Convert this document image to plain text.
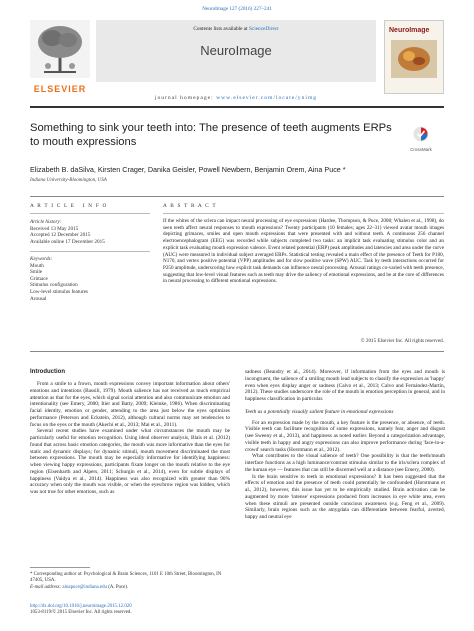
NeuroImage 127 (2016) 227–241
ELSEVIER
Contents lists available at ScienceDirect
NeuroImage
journal homepage: www.elsevier.com/locate/ynimg
NeuroImage
Something to sink your teeth into: The presence of teeth augments ERPs to mouth expressions
CrossMark
Elizabeth B. daSilva, Kirsten Crager, Danika Geisler, Powell Newbern, Benjamin Orem, Aina Puce *
Indiana University-Bloomington, USA
A R T I C L E   I N F O
Article history:
Received 13 May 2015
Accepted 12 December 2015
Available online 17 December 2015
Keywords:
Mouth
Smile
Grimace
Stimulus configuration
Low-level stimulus features
Arousal
A B S T R A C T
If the whites of the sclera can impact neural processing of eye expressions (Hardee, Thompson, & Puce, 2008; Whalen et al., 1998), do seen teeth affect neural responses to mouth expressions? Twenty participants (10 females; ages 22–31) viewed avatar mouth images depicting grimaces, smiles and open mouth expressions that were presented with and without teeth. A continuous 256 channel electroencephalogram (EEG) was recorded while subjects completed two tasks: an implicit task evaluating stimulus color and an explicit task evaluating mouth expression valence. Event related potential (ERP) peak amplitudes and latencies and area under the curve (AUC) were measured in individual subject averaged ERPs. Statistical testing revealed a main effect of the presence of Teeth for P100, N170, and vertex positive potential (VPP) amplitudes and for slow positive wave (SPW) AUC. Task by teeth interactions occurred for P250 amplitude, underscoring how explicit task demands can influence neural processing. Arousal ratings co-varied with teeth presence, suggesting that low-level visual features such as teeth may drive the saliency of emotional expressions, and be at the core of differences in neural processing to different emotional expressions.
© 2015 Elsevier Inc. All rights reserved.
Introduction

From a smile to a frown, mouth expressions convey important information about others' emotions and intentions (Bassili, 1979). Mouth salience has not received as much empirical attention as that for the eyes, which signal social attention and also communicate emotion and intentionality (see Emery, 2000; Itier and Batty, 2009; Kleinke, 1986). When discriminating facial identity, emotion or gender, attending to the area just below the eyes optimizes performance (Peterson and Eckstein, 2012), although cultural norms may set tendencies to focus on the eyes or the mouth (Akechi et al., 2013; Mai et al., 2011).

Several recent studies have examined under what circumstances the mouth may be particularly useful for emotion recognition. Using ideal observer analysis, Blais et al. (2012) found that across basic emotion categories, the mouth was more informative than the eyes for static and dynamic displays; for dynamic stimuli, mouth movement discriminated the most between expressions. The mouth may be especially informative for identifying happiness: when viewing happy expressions, participants fixate longer on the mouth relative to the eye region (Eisenbarth and Alpers, 2011; Schurgin et al., 2014), even for subtle displays of happiness (Vaidya et al., 2014). Happiness was also recognized with greater than 90% accuracy when only the mouth was visible, or when the eyes/brow region was hidden, which was not true for other emotions, such as

* Corresponding author at: Psychological & Brain Sciences, 1101 E 10th Street, Bloomington, IN 47405, USA.
E-mail address: ainapuce@indiana.edu (A. Puce).
http://dx.doi.org/10.1016/j.neuroimage.2015.12.020
1053-8119/© 2015 Elsevier Inc. All rights reserved.

sadness (Beaudry et al., 2014). Moreover, if information from the eyes and mouth is incongruent, the salience of a smiling mouth lead subjects to classify the expression as 'happy' even when eyes display anger or sadness (Calvo et al., 2013; Calvo and Fernández-Martín, 2012). These studies underscore the role of the mouth in emotion perception in general, and in happiness classification in particular.

Teeth as a potentially visually salient feature in emotional expressions

For an expression made by the mouth, a key feature is the presence, or absence, of teeth. Visible teeth can facilitate recognition of some expressions, namely fear, anger and disgust (see Sweeny et al., 2013), and happiness as noted earlier. Beyond a categorization advantage, visible teeth in happy and angry expressions can also improve performance during 'face-in-a-crowd' search tasks (Horstmann et al., 2012).

What contributes to the visual salience of teeth? One possibility is that the teeth/mouth interface functions as a high luminance/contrast stimulus similar to the iris/sclera complex of the human eye — features that can still be discerned well at a distance (see Emery, 2000).

Is the brain sensitive to teeth in emotional expressions? It has been suggested that the effects of emotion and the presence of teeth could potentially be confounded (Horstmann et al., 2012), however, this issue has yet to be empirically studied. Brain activation can be augmented by more 'intense' expressions produced from increases in eye white area, even when these stimuli are presented outside conscious awareness (e.g. Feng et al., 2009). Similarly, brain regions such as the amygdala can differentiate between fearful, averted, happy and neutral eye
